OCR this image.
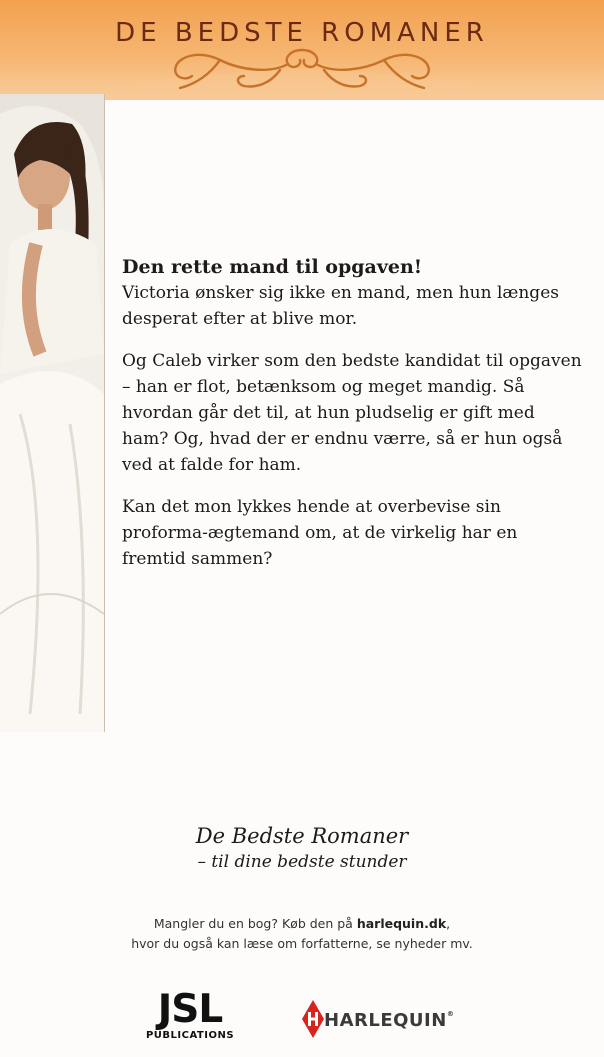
DE BEDSTE ROMANER

Den rette mand til opgaven!

Victoria ønsker sig ikke en mand, men hun længes desperat efter at blive mor.

Og Caleb virker som den bedste kandidat til opgaven – han er flot, betænksom og meget mandig. Så hvordan går det til, at hun pludselig er gift med ham? Og, hvad der er endnu værre, så er hun også ved at falde for ham.

Kan det mon lykkes hende at overbevise sin proforma-ægtemand om, at de virkelig har en fremtid sammen?

De Bedste Romaner
– til dine bedste stunder
Mangler du en bog? Køb den på harlequin.dk,
hvor du også kan læse om forfatterne, se nyheder mv.
JSL
PUBLICATIONS
HARLEQUIN®
